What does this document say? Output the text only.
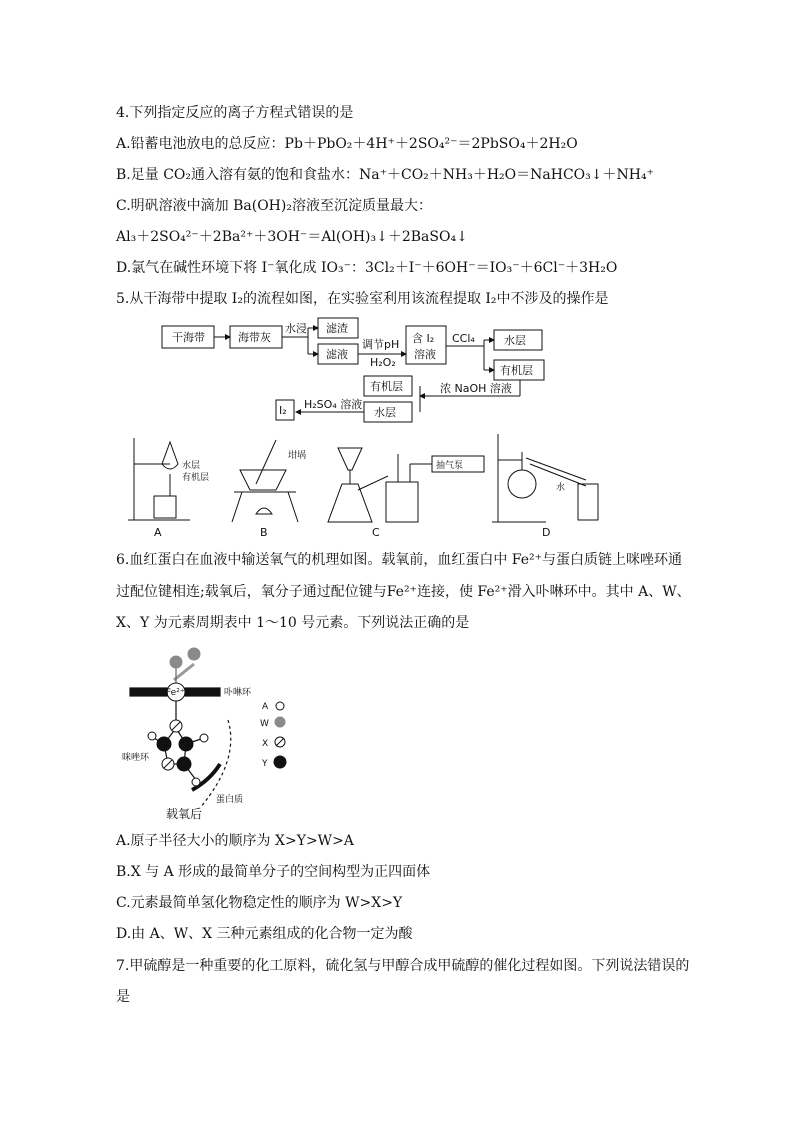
4.下列指定反应的离子方程式错误的是
A.铅蓄电池放电的总反应：Pb＋PbO₂＋4H⁺＋2SO₄²⁻＝2PbSO₄＋2H₂O
B.足量 CO₂通入溶有氨的饱和食盐水：Na⁺＋CO₂＋NH₃＋H₂O＝NaHCO₃↓＋NH₄⁺
C.明矾溶液中滴加 Ba(OH)₂溶液至沉淀质量最大：
Al₃＋2SO₄²⁻＋2Ba²⁺＋3OH⁻＝Al(OH)₃↓＋2BaSO₄↓
D.氯气在碱性环境下将 I⁻氧化成 IO₃⁻：3Cl₂＋I⁻＋6OH⁻＝IO₃⁻＋6Cl⁻＋3H₂O
5.从干海带中提取 I₂的流程如图，在实验室利用该流程提取 I₂中不涉及的操作是
干海带	海带灰
水浸 滤渣
滤液
调节pH
H₂O₂
含 I₂
溶液
CCl₄	水层
有机层
浓 NaOH 溶液
有机层
水层
H₂SO₄ 溶液
I₂
水层
有机层
坩埚
抽气泵
水
A	B	C	D
6.血红蛋白在血液中输送氧气的机理如图。载氧前，血红蛋白中 Fe²⁺与蛋白质链上咪唑环通
过配位键相连;载氧后，氧分子通过配位键与Fe²⁺连接，使 Fe²⁺滑入卟啉环中。其中 A、W、
X、Y 为元素周期表中 1～10 号元素。下列说法正确的是
Fe²⁺	卟啉环
咪唑环
蛋白质
A
W
X
Y
载氧后
A.原子半径大小的顺序为 X>Y>W>A
B.X 与 A 形成的最简单分子的空间构型为正四面体
C.元素最简单氢化物稳定性的顺序为 W>X>Y
D.由 A、W、X 三种元素组成的化合物一定为酸
7.甲硫醇是一种重要的化工原料，硫化氢与甲醇合成甲硫醇的催化过程如图。下列说法错误的
是
